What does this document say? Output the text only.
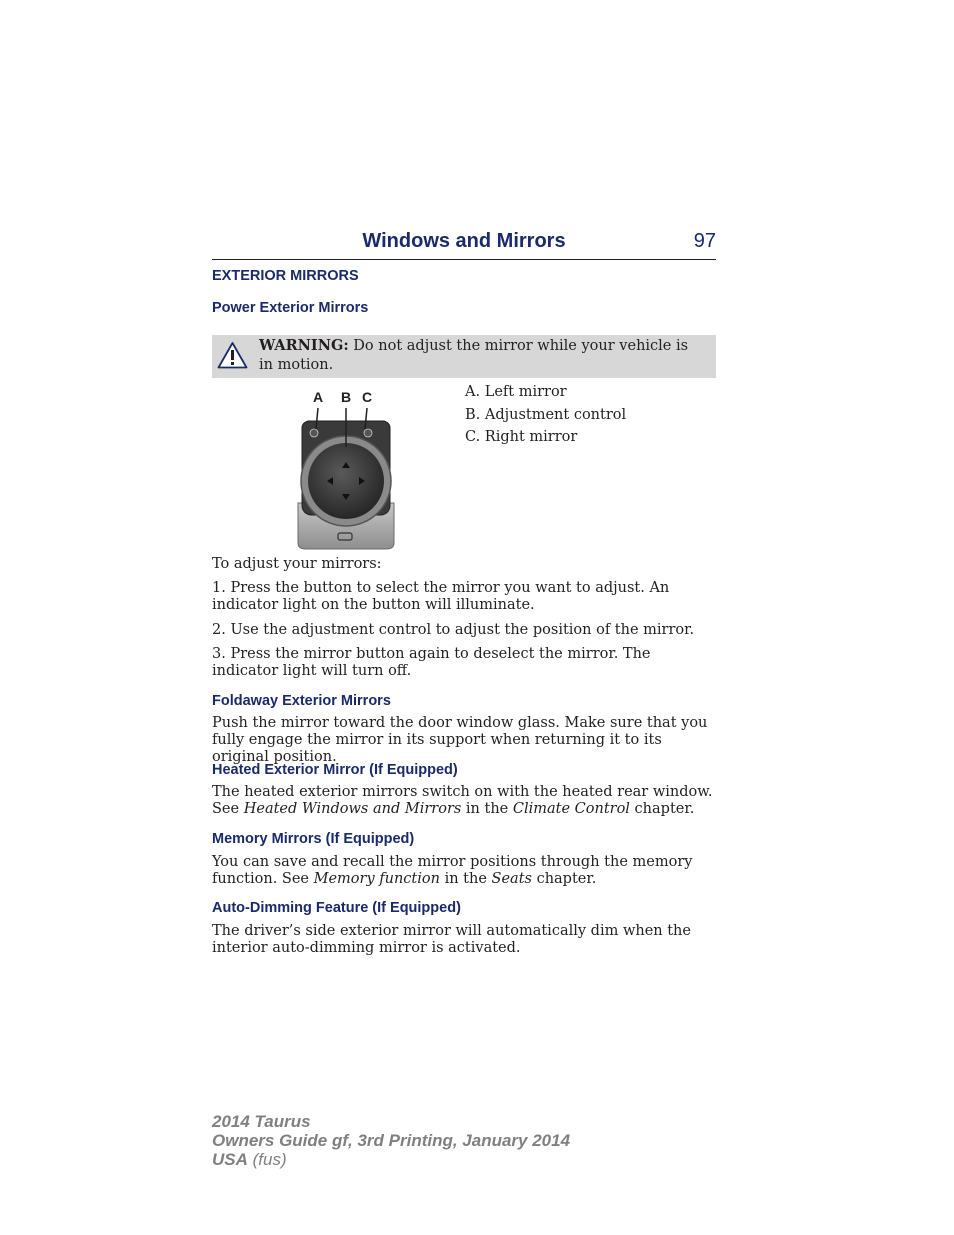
Windows and Mirrors	97
EXTERIOR MIRRORS
Power Exterior Mirrors
WARNING: Do not adjust the mirror while your vehicle is in motion.
A B C	A. Left mirror
B. Adjustment control
C. Right mirror
To adjust your mirrors:
1. Press the button to select the mirror you want to adjust. An indicator light on the button will illuminate.
2. Use the adjustment control to adjust the position of the mirror.
3. Press the mirror button again to deselect the mirror. The indicator light will turn off.
Foldaway Exterior Mirrors
Push the mirror toward the door window glass. Make sure that you fully engage the mirror in its support when returning it to its original position.
Heated Exterior Mirror (If Equipped)
The heated exterior mirrors switch on with the heated rear window. See Heated Windows and Mirrors in the Climate Control chapter.
Memory Mirrors (If Equipped)
You can save and recall the mirror positions through the memory function. See Memory function in the Seats chapter.
Auto-Dimming Feature (If Equipped)
The driver’s side exterior mirror will automatically dim when the interior auto-dimming mirror is activated.
2014 Taurus
Owners Guide gf, 3rd Printing, January 2014
USA (fus)
